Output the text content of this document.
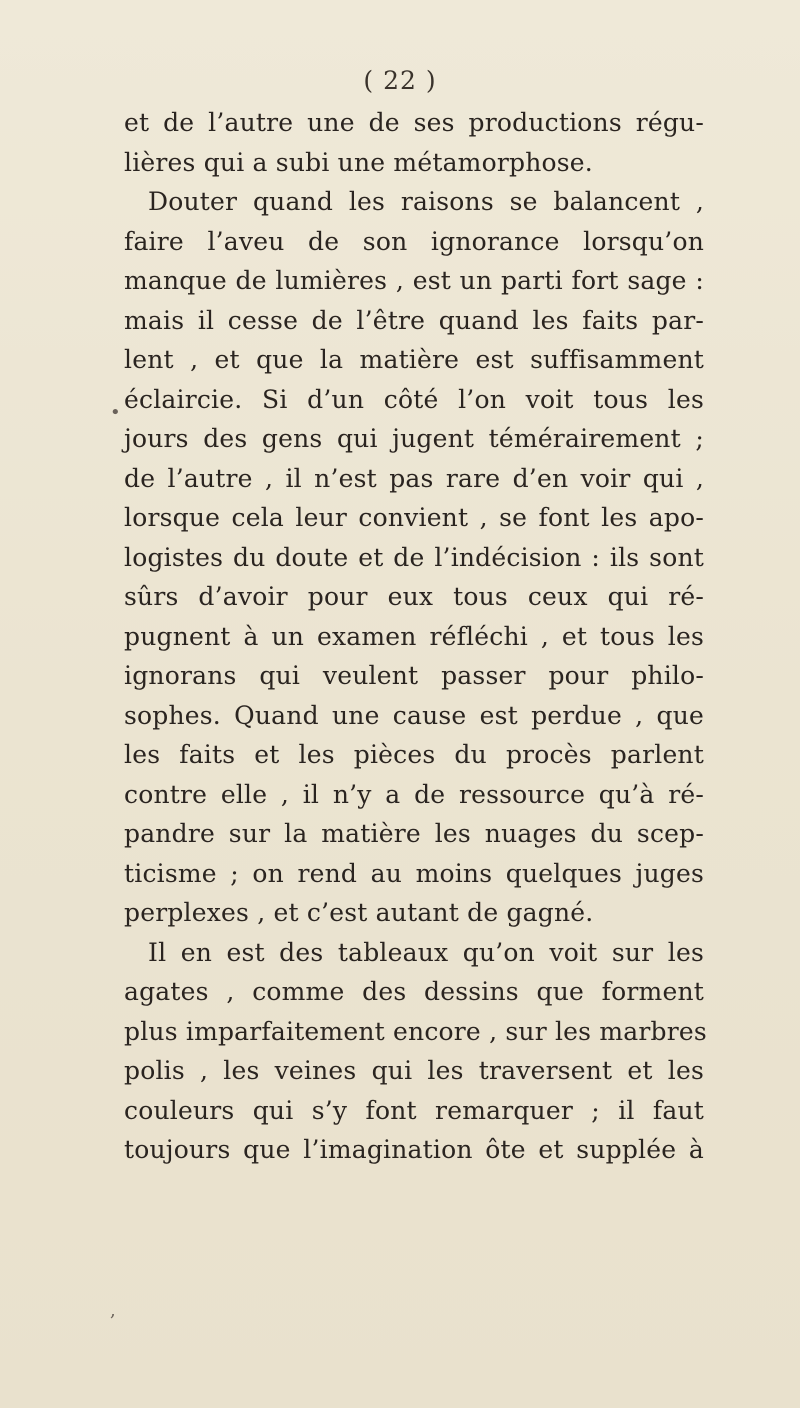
( 22 )
•
,
et de l’autre une de ses productions régu-
lières qui a subi une métamorphose.
Douter quand les raisons se balancent ,
faire l’aveu de son ignorance lorsqu’on
manque de lumières , est un parti fort sage :
mais il cesse de l’être quand les faits par-
lent , et que la matière est suffisamment
éclaircie. Si d’un côté l’on voit tous les
jours des gens qui jugent témérairement ;
de l’autre , il n’est pas rare d’en voir qui ,
lorsque cela leur convient , se font les apo-
logistes du doute et de l’indécision : ils sont
sûrs d’avoir pour eux tous ceux qui ré-
pugnent à un examen réfléchi , et tous les
ignorans qui veulent passer pour philo-
sophes. Quand une cause est perdue , que
les faits et les pièces du procès parlent
contre elle , il n’y a de ressource qu’à ré-
pandre sur la matière les nuages du scep-
ticisme ; on rend au moins quelques juges
perplexes , et c’est autant de gagné.
Il en est des tableaux qu’on voit sur les
agates , comme des dessins que forment
plus imparfaitement encore , sur les marbres
polis , les veines qui les traversent et les
couleurs qui s’y font remarquer ; il faut
toujours que l’imagination ôte et supplée à
